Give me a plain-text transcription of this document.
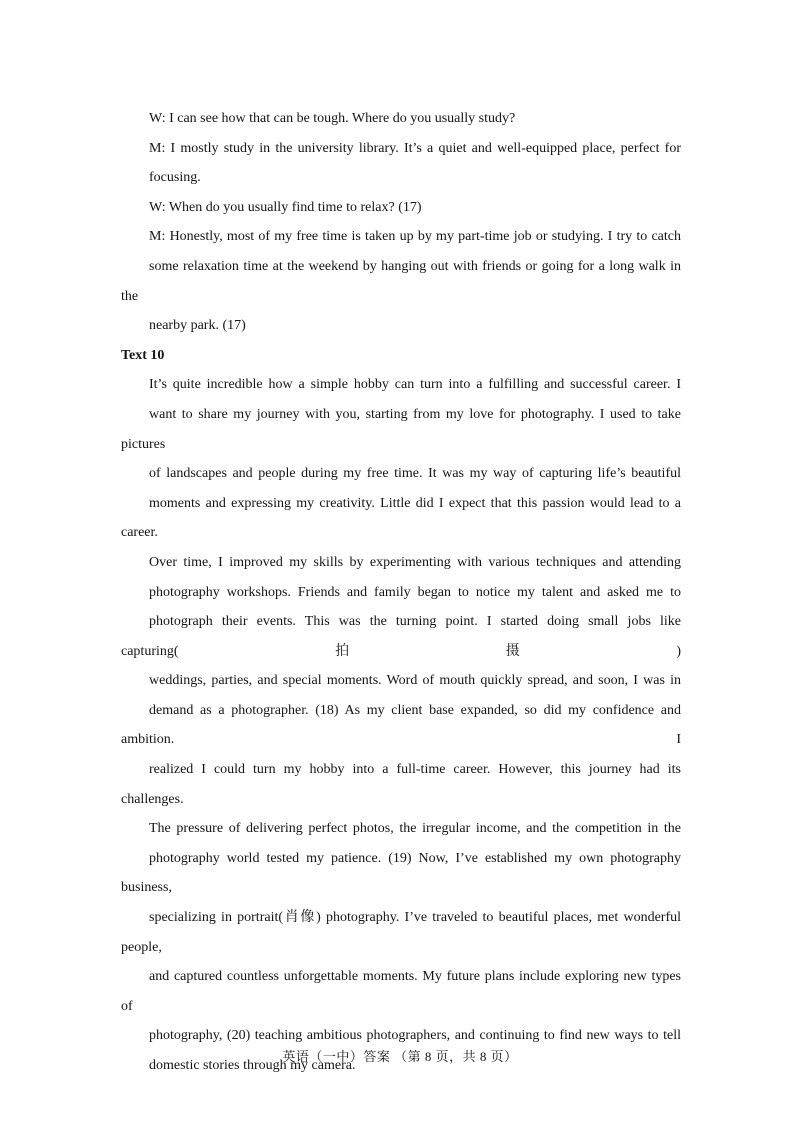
W: I can see how that can be tough. Where do you usually study?

M: I mostly study in the university library. It’s a quiet and well-equipped place, perfect for
focusing.

W: When do you usually find time to relax? (17)

M: Honestly, most of my free time is taken up by my part-time job or studying. I try to catch
some relaxation time at the weekend by hanging out with friends or going for a long walk in the
nearby park. (17)

Text 10

It’s quite incredible how a simple hobby can turn into a fulfilling and successful career. I
want to share my journey with you, starting from my love for photography. I used to take pictures
of landscapes and people during my free time. It was my way of capturing life’s beautiful
moments and expressing my creativity. Little did I expect that this passion would lead to a career.
Over time, I improved my skills by experimenting with various techniques and attending
photography workshops. Friends and family began to notice my talent and asked me to
photograph their events. This was the turning point. I started doing small jobs like capturing(拍摄)
weddings, parties, and special moments. Word of mouth quickly spread, and soon, I was in
demand as a photographer. (18) As my client base expanded, so did my confidence and ambition. I
realized I could turn my hobby into a full-time career. However, this journey had its challenges.
The pressure of delivering perfect photos, the irregular income, and the competition in the
photography world tested my patience. (19) Now, I’ve established my own photography business,
specializing in portrait(肖像) photography. I’ve traveled to beautiful places, met wonderful people,
and captured countless unforgettable moments. My future plans include exploring new types of
photography, (20) teaching ambitious photographers, and continuing to find new ways to tell
domestic stories through my camera.

英语（一中）答案 （第 8 页，共 8 页）
